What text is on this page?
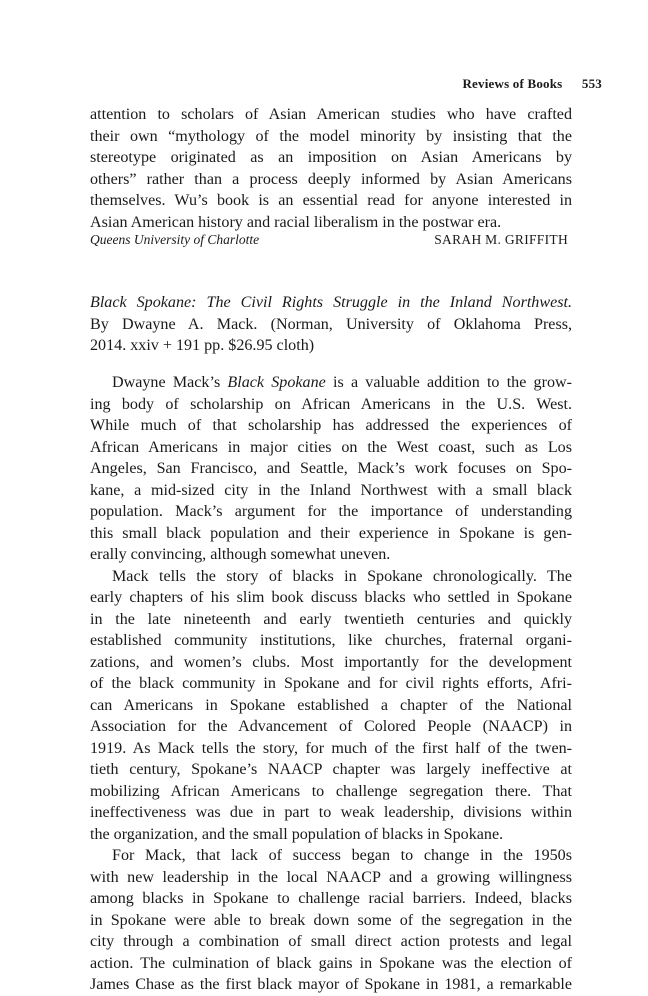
Reviews of Books 553
attention to scholars of Asian American studies who have crafted
their own “mythology of the model minority by insisting that the
stereotype originated as an imposition on Asian Americans by
others” rather than a process deeply informed by Asian Americans
themselves. Wu’s book is an essential read for anyone interested in
Asian American history and racial liberalism in the postwar era.
Queens University of Charlotte	SARAH M. GRIFFITH
Black Spokane: The Civil Rights Struggle in the Inland Northwest.
By Dwayne A. Mack. (Norman, University of Oklahoma Press,
2014. xxiv + 191 pp. $26.95 cloth)
Dwayne Mack’s Black Spokane is a valuable addition to the grow-
ing body of scholarship on African Americans in the U.S. West.
While much of that scholarship has addressed the experiences of
African Americans in major cities on the West coast, such as Los
Angeles, San Francisco, and Seattle, Mack’s work focuses on Spo-
kane, a mid-sized city in the Inland Northwest with a small black
population. Mack’s argument for the importance of understanding
this small black population and their experience in Spokane is gen-
erally convincing, although somewhat uneven.
Mack tells the story of blacks in Spokane chronologically. The
early chapters of his slim book discuss blacks who settled in Spokane
in the late nineteenth and early twentieth centuries and quickly
established community institutions, like churches, fraternal organi-
zations, and women’s clubs. Most importantly for the development
of the black community in Spokane and for civil rights efforts, Afri-
can Americans in Spokane established a chapter of the National
Association for the Advancement of Colored People (NAACP) in
1919. As Mack tells the story, for much of the first half of the twen-
tieth century, Spokane’s NAACP chapter was largely ineffective at
mobilizing African Americans to challenge segregation there. That
ineffectiveness was due in part to weak leadership, divisions within
the organization, and the small population of blacks in Spokane.
For Mack, that lack of success began to change in the 1950s
with new leadership in the local NAACP and a growing willingness
among blacks in Spokane to challenge racial barriers. Indeed, blacks
in Spokane were able to break down some of the segregation in the
city through a combination of small direct action protests and legal
action. The culmination of black gains in Spokane was the election of
James Chase as the first black mayor of Spokane in 1981, a remarkable
